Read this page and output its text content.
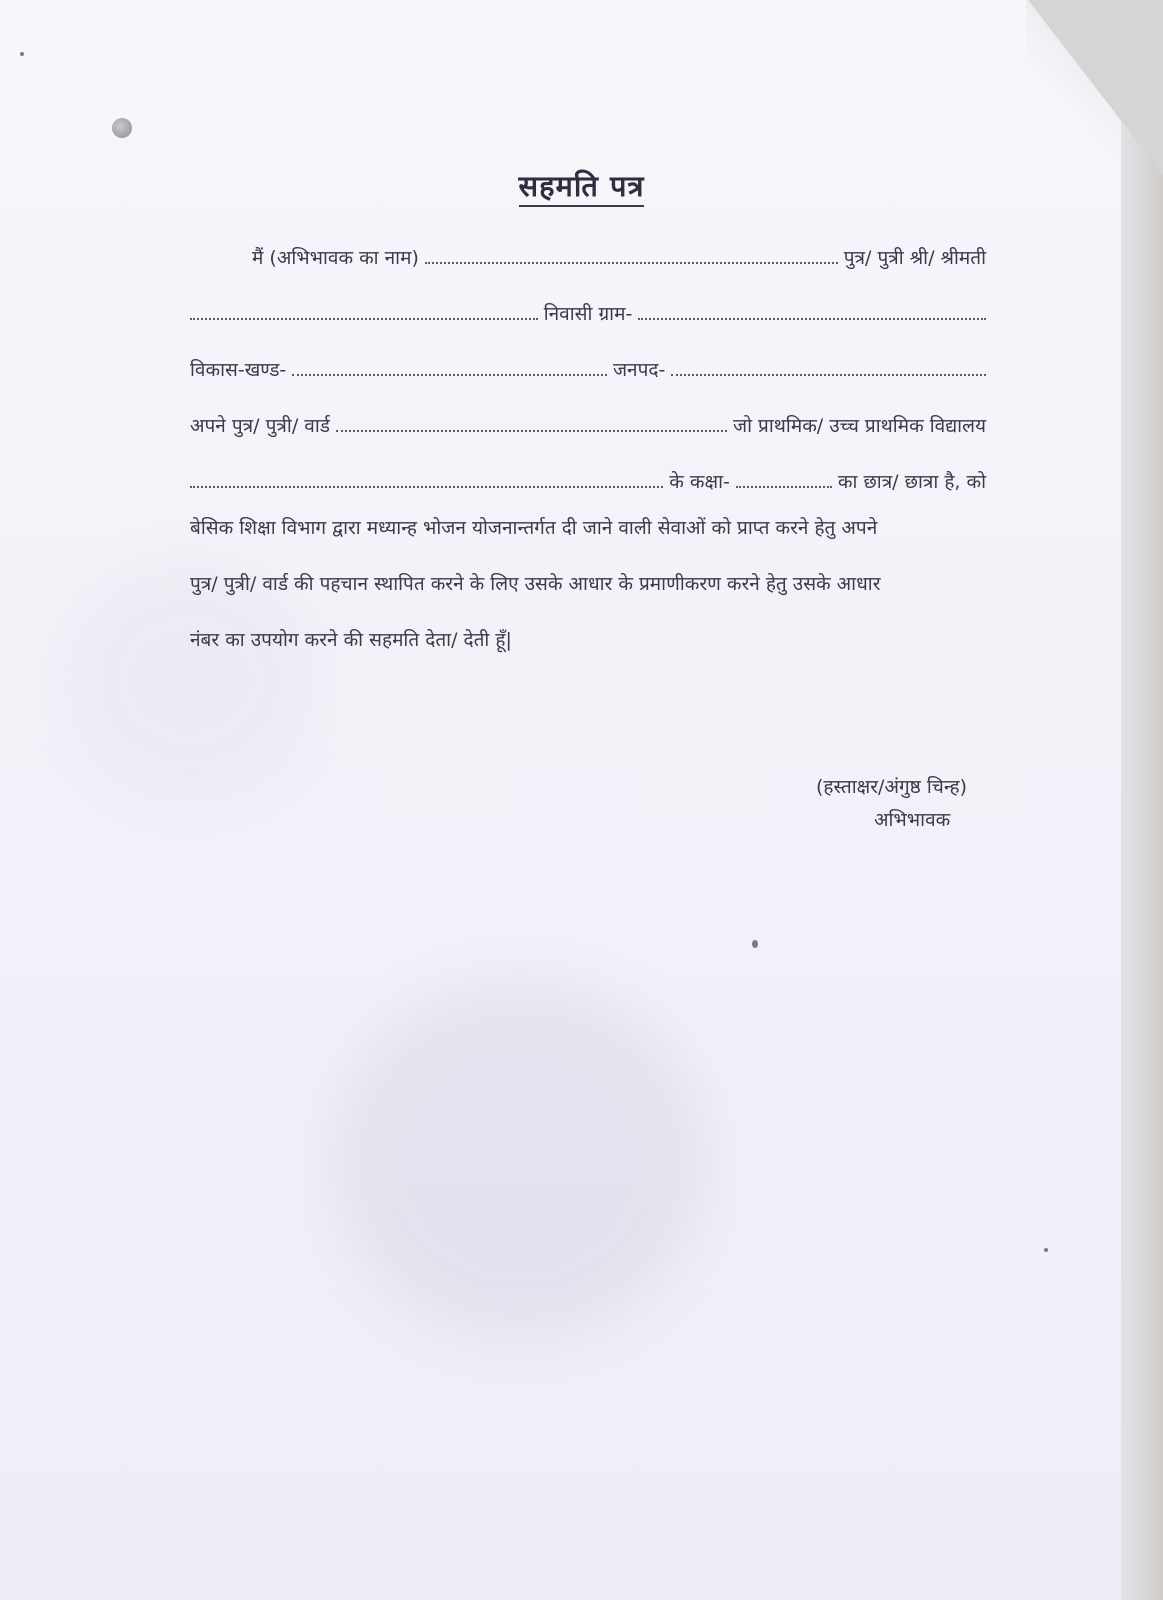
सहमति पत्र
मैं (अभिभावक का नाम)	पुत्र/ पुत्री श्री/ श्रीमती
निवासी ग्राम-
विकास-खण्ड-	जनपद-
अपने पुत्र/ पुत्री/ वार्ड	जो प्राथमिक/ उच्च प्राथमिक विद्यालय
के कक्षा-	का छात्र/ छात्रा है, को
बेसिक शिक्षा विभाग द्वारा मध्यान्ह भोजन योजनान्तर्गत दी जाने वाली सेवाओं को प्राप्त करने हेतु अपने
पुत्र/ पुत्री/ वार्ड की पहचान स्थापित करने के लिए उसके आधार के प्रमाणीकरण करने हेतु उसके आधार
नंबर का उपयोग करने की सहमति देता/ देती हूँ|
(हस्ताक्षर/अंगुष्ठ चिन्ह)
अभिभावक
